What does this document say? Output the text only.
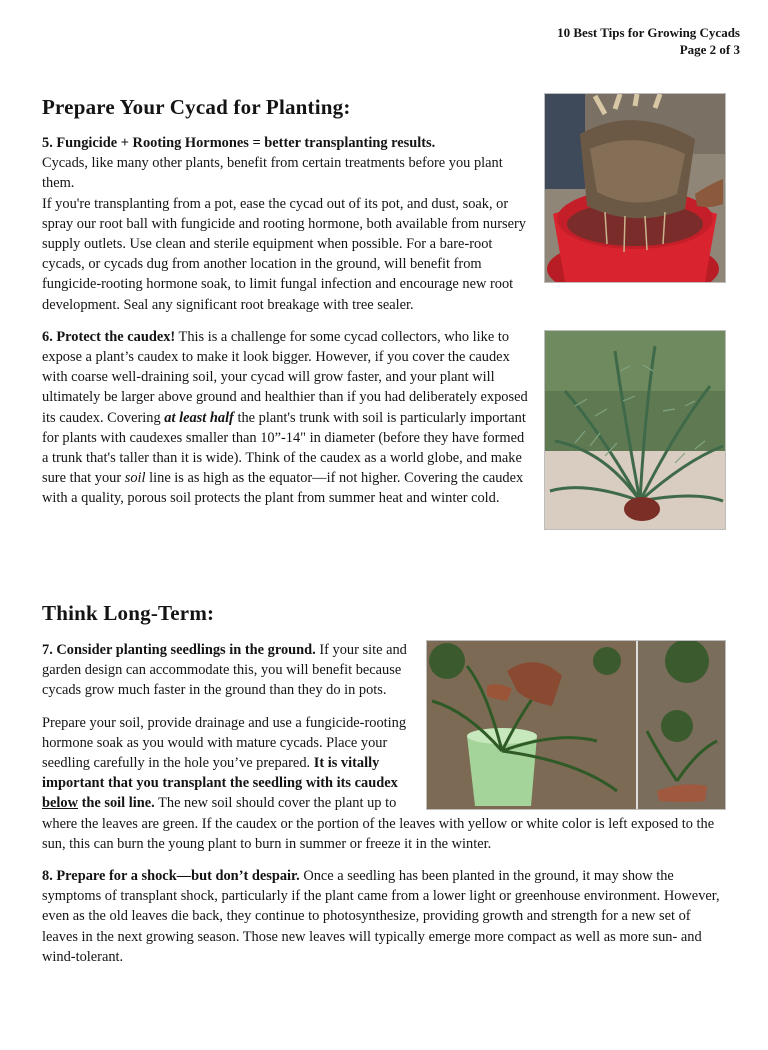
10 Best Tips for Growing Cycads
Page 2 of 3
Prepare Your Cycad for Planting:

5. Fungicide + Rooting Hormones = better transplanting results.

Cycads, like many other plants, benefit from certain treatments before you plant them.

If you're transplanting from a pot, ease the cycad out of its pot, and dust, soak, or spray our root ball with fungicide and rooting hormone, both available from nursery supply outlets. Use clean and sterile equipment when possible. For a bare-root cycads, or cycads dug from another location in the ground, will benefit from fungicide-rooting hormone soak, to limit fungal infection and encourage new root development. Seal any significant root breakage with tree sealer.

6. Protect the caudex! This is a challenge for some cycad collectors, who like to expose a plant’s caudex to make it look bigger. However, if you cover the caudex with coarse well-draining soil, your cycad will grow faster, and your plant will ultimately be larger above ground and healthier than if you had deliberately exposed its caudex. Covering at least half the plant's trunk with soil is particularly important for plants with caudexes smaller than 10”-14" in diameter (before they have formed a trunk that's taller than it is wide). Think of the caudex as a world globe, and make sure that your soil line is as high as the equator—if not higher. Covering the caudex with a quality, porous soil protects the plant from summer heat and winter cold.

Think Long-Term:

7. Consider planting seedlings in the ground. If your site and garden design can accommodate this, you will benefit because cycads grow much faster in the ground than they do in pots.

Prepare your soil, provide drainage and use a fungicide-rooting hormone soak as you would with mature cycads. Place your seedling carefully in the hole you’ve prepared. It is vitally important that you transplant the seedling with its caudex below the soil line. The new soil should cover the plant up to where the leaves are green. If the caudex or the portion of the leaves with yellow or white color is left exposed to the sun, this can burn the young plant to burn in summer or freeze it in the winter.

8. Prepare for a shock—but don’t despair. Once a seedling has been planted in the ground, it may show the symptoms of transplant shock, particularly if the plant came from a lower light or greenhouse environment. However, even as the old leaves die back, they continue to photosynthesize, providing growth and strength for a new set of leaves in the next growing season. Those new leaves will typically emerge more compact as well as more sun- and wind-tolerant.
